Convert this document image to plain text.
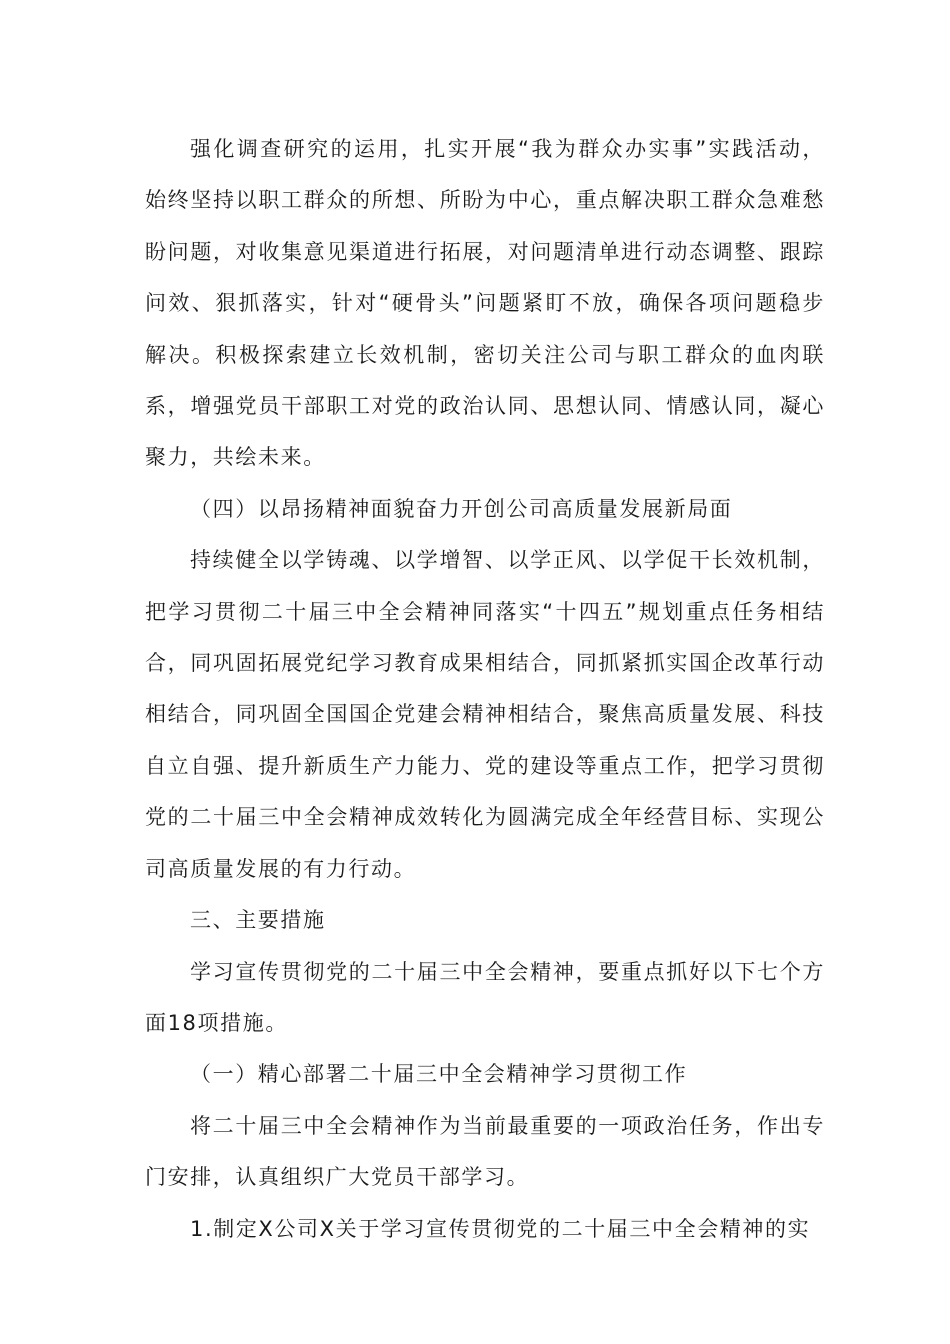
强化调查研究的运用，扎实开展“我为群众办实事”实践活动，始终坚持以职工群众的所想、所盼为中心，重点解决职工群众急难愁盼问题，对收集意见渠道进行拓展，对问题清单进行动态调整、跟踪问效、狠抓落实，针对“硬骨头”问题紧盯不放，确保各项问题稳步解决。积极探索建立长效机制，密切关注公司与职工群众的血肉联系，增强党员干部职工对党的政治认同、思想认同、情感认同，凝心聚力，共绘未来。

（四）以昂扬精神面貌奋力开创公司高质量发展新局面

持续健全以学铸魂、以学增智、以学正风、以学促干长效机制，把学习贯彻二十届三中全会精神同落实“十四五”规划重点任务相结合，同巩固拓展党纪学习教育成果相结合，同抓紧抓实国企改革行动相结合，同巩固全国国企党建会精神相结合，聚焦高质量发展、科技自立自强、提升新质生产力能力、党的建设等重点工作，把学习贯彻党的二十届三中全会精神成效转化为圆满完成全年经营目标、实现公司高质量发展的有力行动。

三、主要措施

学习宣传贯彻党的二十届三中全会精神，要重点抓好以下七个方面18项措施。

（一）精心部署二十届三中全会精神学习贯彻工作

将二十届三中全会精神作为当前最重要的一项政治任务，作出专门安排，认真组织广大党员干部学习。

1.制定X公司X关于学习宣传贯彻党的二十届三中全会精神的实
